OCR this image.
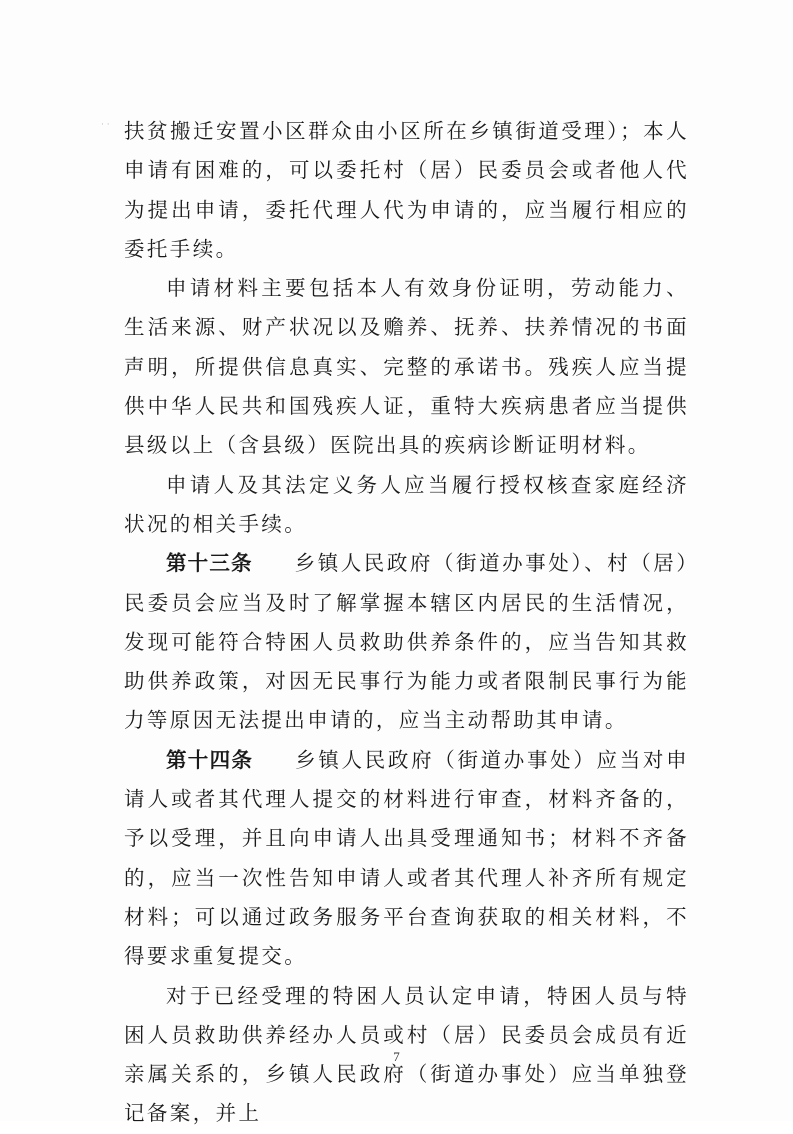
· · 扶贫搬迁安置小区群众由小区所在乡镇街道受理）；本人申请有困难的，可以委托村（居）民委员会或者他人代为提出申请，委托代理人代为申请的，应当履行相应的委托手续。

申请材料主要包括本人有效身份证明，劳动能力、生活来源、财产状况以及赡养、抚养、扶养情况的书面声明，所提供信息真实、完整的承诺书。残疾人应当提供中华人民共和国残疾人证，重特大疾病患者应当提供县级以上（含县级）医院出具的疾病诊断证明材料。

申请人及其法定义务人应当履行授权核查家庭经济状况的相关手续。

第十三条 乡镇人民政府（街道办事处）、村（居）民委员会应当及时了解掌握本辖区内居民的生活情况，发现可能符合特困人员救助供养条件的，应当告知其救助供养政策，对因无民事行为能力或者限制民事行为能力等原因无法提出申请的，应当主动帮助其申请。

第十四条 乡镇人民政府（街道办事处）应当对申请人或者其代理人提交的材料进行审查，材料齐备的，予以受理，并且向申请人出具受理通知书；材料不齐备的，应当一次性告知申请人或者其代理人补齐所有规定材料；可以通过政务服务平台查询获取的相关材料，不得要求重复提交。

对于已经受理的特困人员认定申请，特困人员与特困人员救助供养经办人员或村（居）民委员会成员有近亲属关系的，乡镇人民政府（街道办事处）应当单独登记备案，并上

7
